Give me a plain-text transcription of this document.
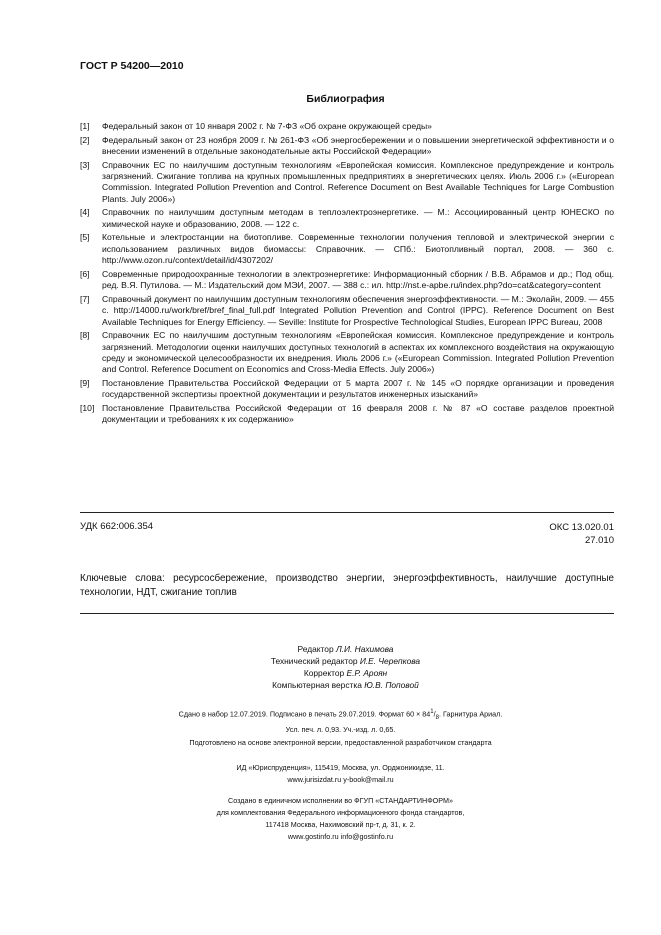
ГОСТ Р 54200—2010
Библиография
[1]	Федеральный закон от 10 января 2002 г. № 7-ФЗ «Об охране окружающей среды»
[2]	Федеральный закон от 23 ноября 2009 г. № 261-ФЗ «Об энергосбережении и о повышении энергетической эффективности и о внесении изменений в отдельные законодательные акты Российской Федерации»
[3]	Справочник ЕС по наилучшим доступным технологиям «Европейская комиссия. Комплексное предупреждение и контроль загрязнений. Сжигание топлива на крупных промышленных предприятиях в энергетических целях. Июль 2006 г.» («European Commission. Integrated Pollution Prevention and Control. Reference Document on Best Available Techniques for Large Combustion Plants. July 2006»)
[4]	Справочник по наилучшим доступным методам в теплоэлектроэнергетике. — М.: Ассоциированный центр ЮНЕСКО по химической науке и образованию, 2008. — 122 с.
[5]	Котельные и электростанции на биотопливе. Современные технологии получения тепловой и электрической энергии с использованием различных видов биомассы: Справочник. — СПб.: Биотопливный портал, 2008. — 360 с. http://www.ozon.ru/context/detail/id/4307202/
[6]	Современные природоохранные технологии в электроэнергетике: Информационный сборник / В.В. Абрамов и др.; Под общ. ред. В.Я. Путилова. — М.: Издательский дом МЭИ, 2007. — 388 с.: ил. http://nst.e-apbe.ru/index.php?do=cat&category=content
[7]	Справочный документ по наилучшим доступным технологиям обеспечения энергоэффективности. — М.: Эколайн, 2009. — 455 с. http://14000.ru/work/bref/bref_final_full.pdf Integrated Pollution Prevention and Control (IPPC). Reference Document on Best Available Techniques for Energy Efficiency. — Seville: Institute for Prospective Technological Studies, European IPPC Bureau, 2008
[8]	Справочник ЕС по наилучшим доступным технологиям «Европейская комиссия. Комплексное предупреждение и контроль загрязнений. Методологии оценки наилучших доступных технологий в аспектах их комплексного воздействия на окружающую среду и экономической целесообразности их внедрения. Июль 2006 г.» («European Commission. Integrated Pollution Prevention and Control. Reference Document on Economics and Cross-Media Effects. July 2006»)
[9]	Постановление Правительства Российской Федерации от 5 марта 2007 г. № 145 «О порядке организации и проведения государственной экспертизы проектной документации и результатов инженерных изысканий»
[10] Постановление Правительства Российской Федерации от 16 февраля 2008 г. № 87 «О составе разделов проектной документации и требованиях к их содержанию»
УДК 662:006.354	ОКС 13.020.01
27.010
Ключевые слова: ресурсосбережение, производство энергии, энергоэффективность, наилучшие доступные технологии, НДТ, сжигание топлив
Редактор Л.И. Нахимова
Технический редактор И.Е. Черепкова
Корректор Е.Р. Ароян
Компьютерная верстка Ю.В. Поповой
Сдано в набор 12.07.2019. Подписано в печать 29.07.2019. Формат $60 \times 84^1/_8$. Гарнитура Ариал.
Усл. печ. л. 0,93. Уч.-изд. л. 0,65.
Подготовлено на основе электронной версии, предоставленной разработчиком стандарта
ИД «Юриспруденция», 115419, Москва, ул. Орджоникидзе, 11.
www.jurisizdat.ru y-book@mail.ru
Создано в единичном исполнении во ФГУП «СТАНДАРТИНФОРМ»
для комплектования Федерального информационного фонда стандартов,
117418 Москва, Нахимовский пр-т, д. 31, к. 2.
www.gostinfo.ru info@gostinfo.ru
